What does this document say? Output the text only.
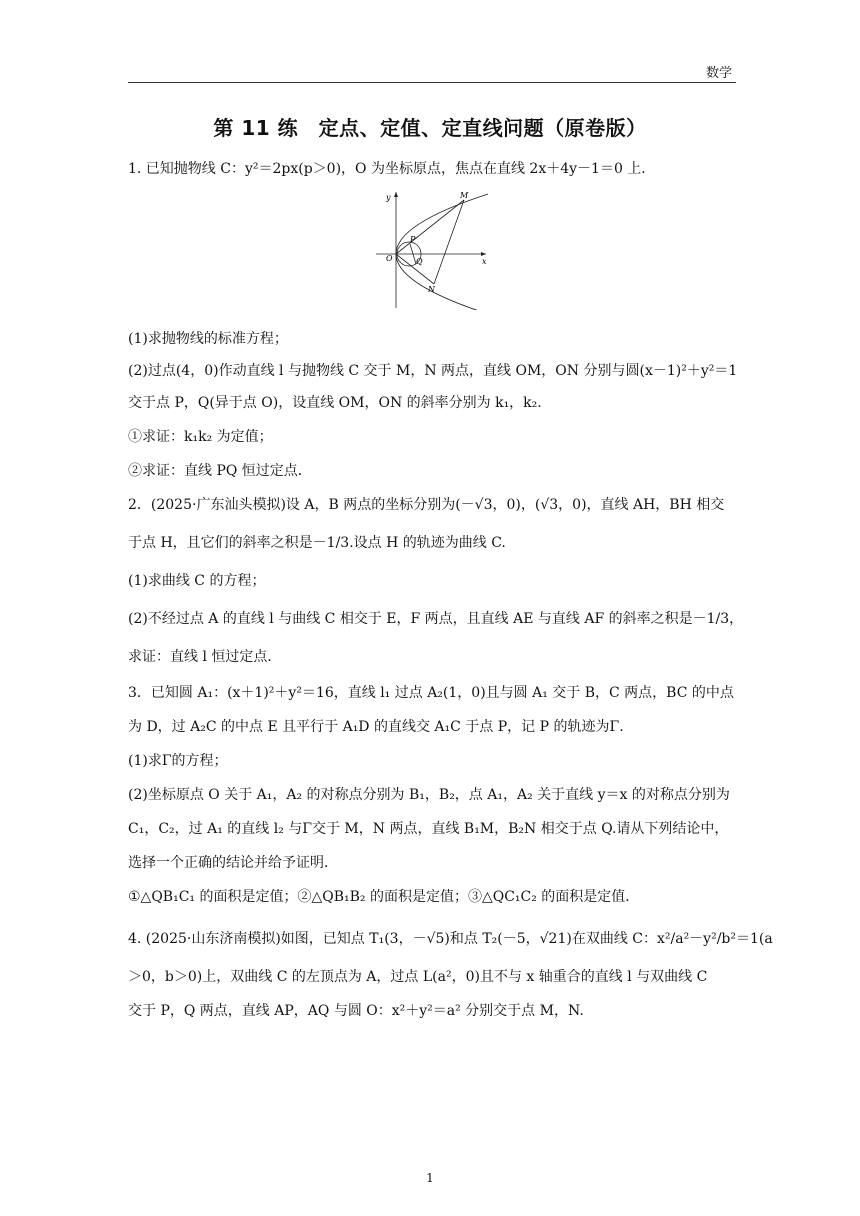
数学
第 11 练　定点、定值、定直线问题（原卷版）
1. 已知抛物线 C：y²＝2px(p＞0)，O 为坐标原点，焦点在直线 2x＋4y－1＝0 上．
y
x
O
M
P
Q
N
(1)求抛物线的标准方程；
(2)过点(4，0)作动直线 l 与抛物线 C 交于 M，N 两点，直线 OM，ON 分别与圆(x－1)²＋y²＝1
交于点 P，Q(异于点 O)，设直线 OM，ON 的斜率分别为 k₁，k₂.
①求证：k₁k₂ 为定值；
②求证：直线 PQ 恒过定点．
2．(2025·广东汕头模拟)设 A，B 两点的坐标分别为(－√3，0)，(√3，0)，直线 AH，BH 相交
于点 H，且它们的斜率之积是－1/3.设点 H 的轨迹为曲线 C.
(1)求曲线 C 的方程；
(2)不经过点 A 的直线 l 与曲线 C 相交于 E，F 两点，且直线 AE 与直线 AF 的斜率之积是－1/3，
求证：直线 l 恒过定点．
3．已知圆 A₁：(x＋1)²＋y²＝16，直线 l₁ 过点 A₂(1，0)且与圆 A₁ 交于 B，C 两点，BC 的中点
为 D，过 A₂C 的中点 E 且平行于 A₁D 的直线交 A₁C 于点 P，记 P 的轨迹为Γ.
(1)求Γ的方程；
(2)坐标原点 O 关于 A₁，A₂ 的对称点分别为 B₁，B₂，点 A₁，A₂ 关于直线 y＝x 的对称点分别为
C₁，C₂，过 A₁ 的直线 l₂ 与Γ交于 M，N 两点，直线 B₁M，B₂N 相交于点 Q.请从下列结论中，
选择一个正确的结论并给予证明．
①△QB₁C₁ 的面积是定值；②△QB₁B₂ 的面积是定值；③△QC₁C₂ 的面积是定值．
4. (2025·山东济南模拟)如图，已知点 T₁(3，－√5)和点 T₂(－5，√21)在双曲线 C：x²/a²－y²/b²＝1(a
＞0，b＞0)上，双曲线 C 的左顶点为 A，过点 L(a²，0)且不与 x 轴重合的直线 l 与双曲线 C
交于 P，Q 两点，直线 AP，AQ 与圆 O：x²＋y²＝a² 分别交于点 M，N.
1
